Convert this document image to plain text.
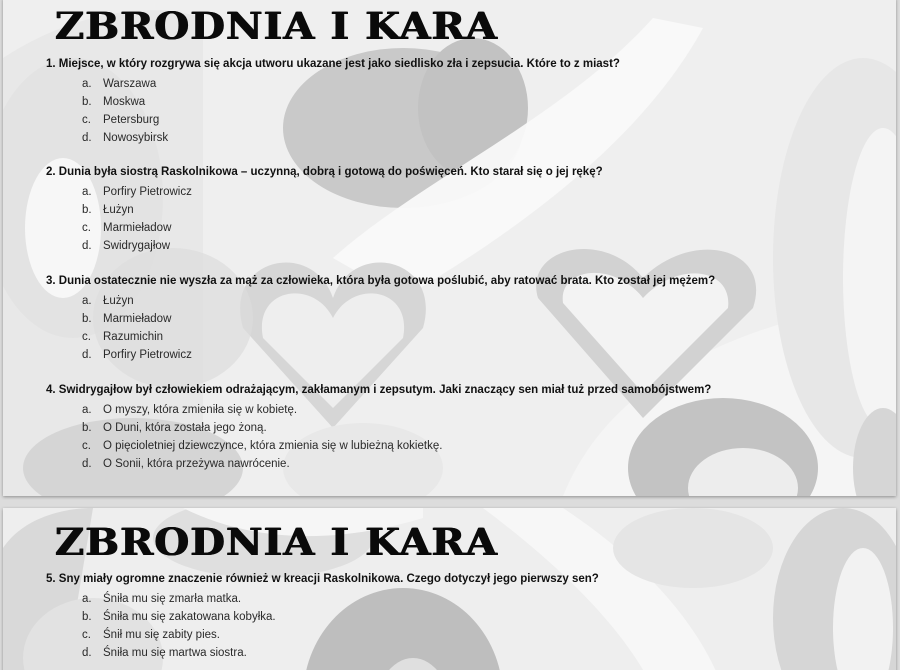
ZBRODNIA I KARA
1. Miejsce, w który rozgrywa się akcja utworu ukazane jest jako siedlisko zła i zepsucia. Które to z miast?
a. Warszawa
b. Moskwa
c. Petersburg
d. Nowosybirsk
2. Dunia była siostrą Raskolnikowa – uczynną, dobrą i gotową do poświęceń. Kto starał się o jej rękę?
a. Porfiry Pietrowicz
b. Łużyn
c. Marmieładow
d. Swidrygajłow
3. Dunia ostatecznie nie wyszła za mąż za człowieka, która była gotowa poślubić, aby ratować brata. Kto został jej mężem?
a. Łużyn
b. Marmieładow
c. Razumichin
d. Porfiry Pietrowicz
4. Swidrygajłow był człowiekiem odrażającym, zakłamanym i zepsutym. Jaki znaczący sen miał tuż przed samobójstwem?
a. O myszy, która zmieniła się w kobietę.
b. O Duni, która została jego żoną.
c. O pięcioletniej dziewczynce, która zmienia się w lubieżną kokietkę.
d. O Sonii, która przeżywa nawrócenie.
ZBRODNIA I KARA
5. Sny miały ogromne znaczenie również w kreacji Raskolnikowa. Czego dotyczył jego pierwszy sen?
a. Śniła mu się zmarła matka.
b. Śniła mu się zakatowana kobyłka.
c. Śnił mu się zabity pies.
d. Śniła mu się martwa siostra.
